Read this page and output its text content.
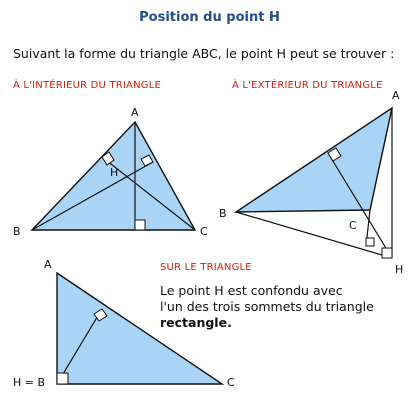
Position du point H
Suivant la forme du triangle ABC, le point H peut se trouver :
À L'INTÉRIEUR DU TRIANGLE	À L'EXTÉRIEUR DU TRIANGLE
SUR LE TRIANGLE
Le point H est confondu avec
l'un des trois sommets du triangle
rectangle.
A
B	C
H
A
B
C
H
A
H = B	C
